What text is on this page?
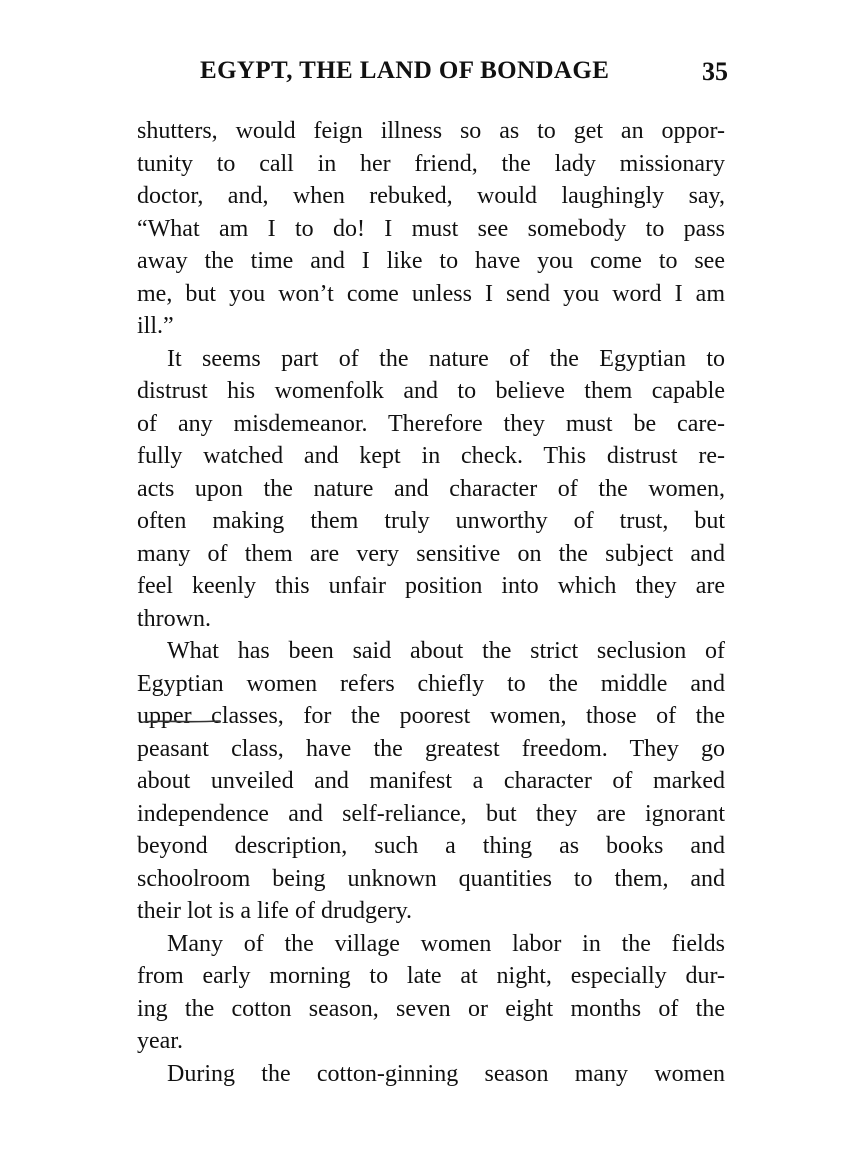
EGYPT, THE LAND OF BONDAGE	35
shutters, would feign illness so as to get an oppor-
tunity to call in her friend, the lady missionary
doctor, and, when rebuked, would laughingly say,
“What am I to do! I must see somebody to pass
away the time and I like to have you come to see
me, but you won’t come unless I send you word I am
ill.”
It seems part of the nature of the Egyptian to
distrust his womenfolk and to believe them capable
of any misdemeanor. Therefore they must be care-
fully watched and kept in check. This distrust re-
acts upon the nature and character of the women,
often making them truly unworthy of trust, but
many of them are very sensitive on the subject and
feel keenly this unfair position into which they are
thrown.
What has been said about the strict seclusion of
Egyptian women refers chiefly to the middle and
upper classes, for the poorest women, those of the
peasant class, have the greatest freedom. They go
about unveiled and manifest a character of marked
independence and self-reliance, but they are ignorant
beyond description, such a thing as books and
schoolroom being unknown quantities to them, and
their lot is a life of drudgery.
Many of the village women labor in the fields
from early morning to late at night, especially dur-
ing the cotton season, seven or eight months of the
year.
During the cotton-ginning season many women
